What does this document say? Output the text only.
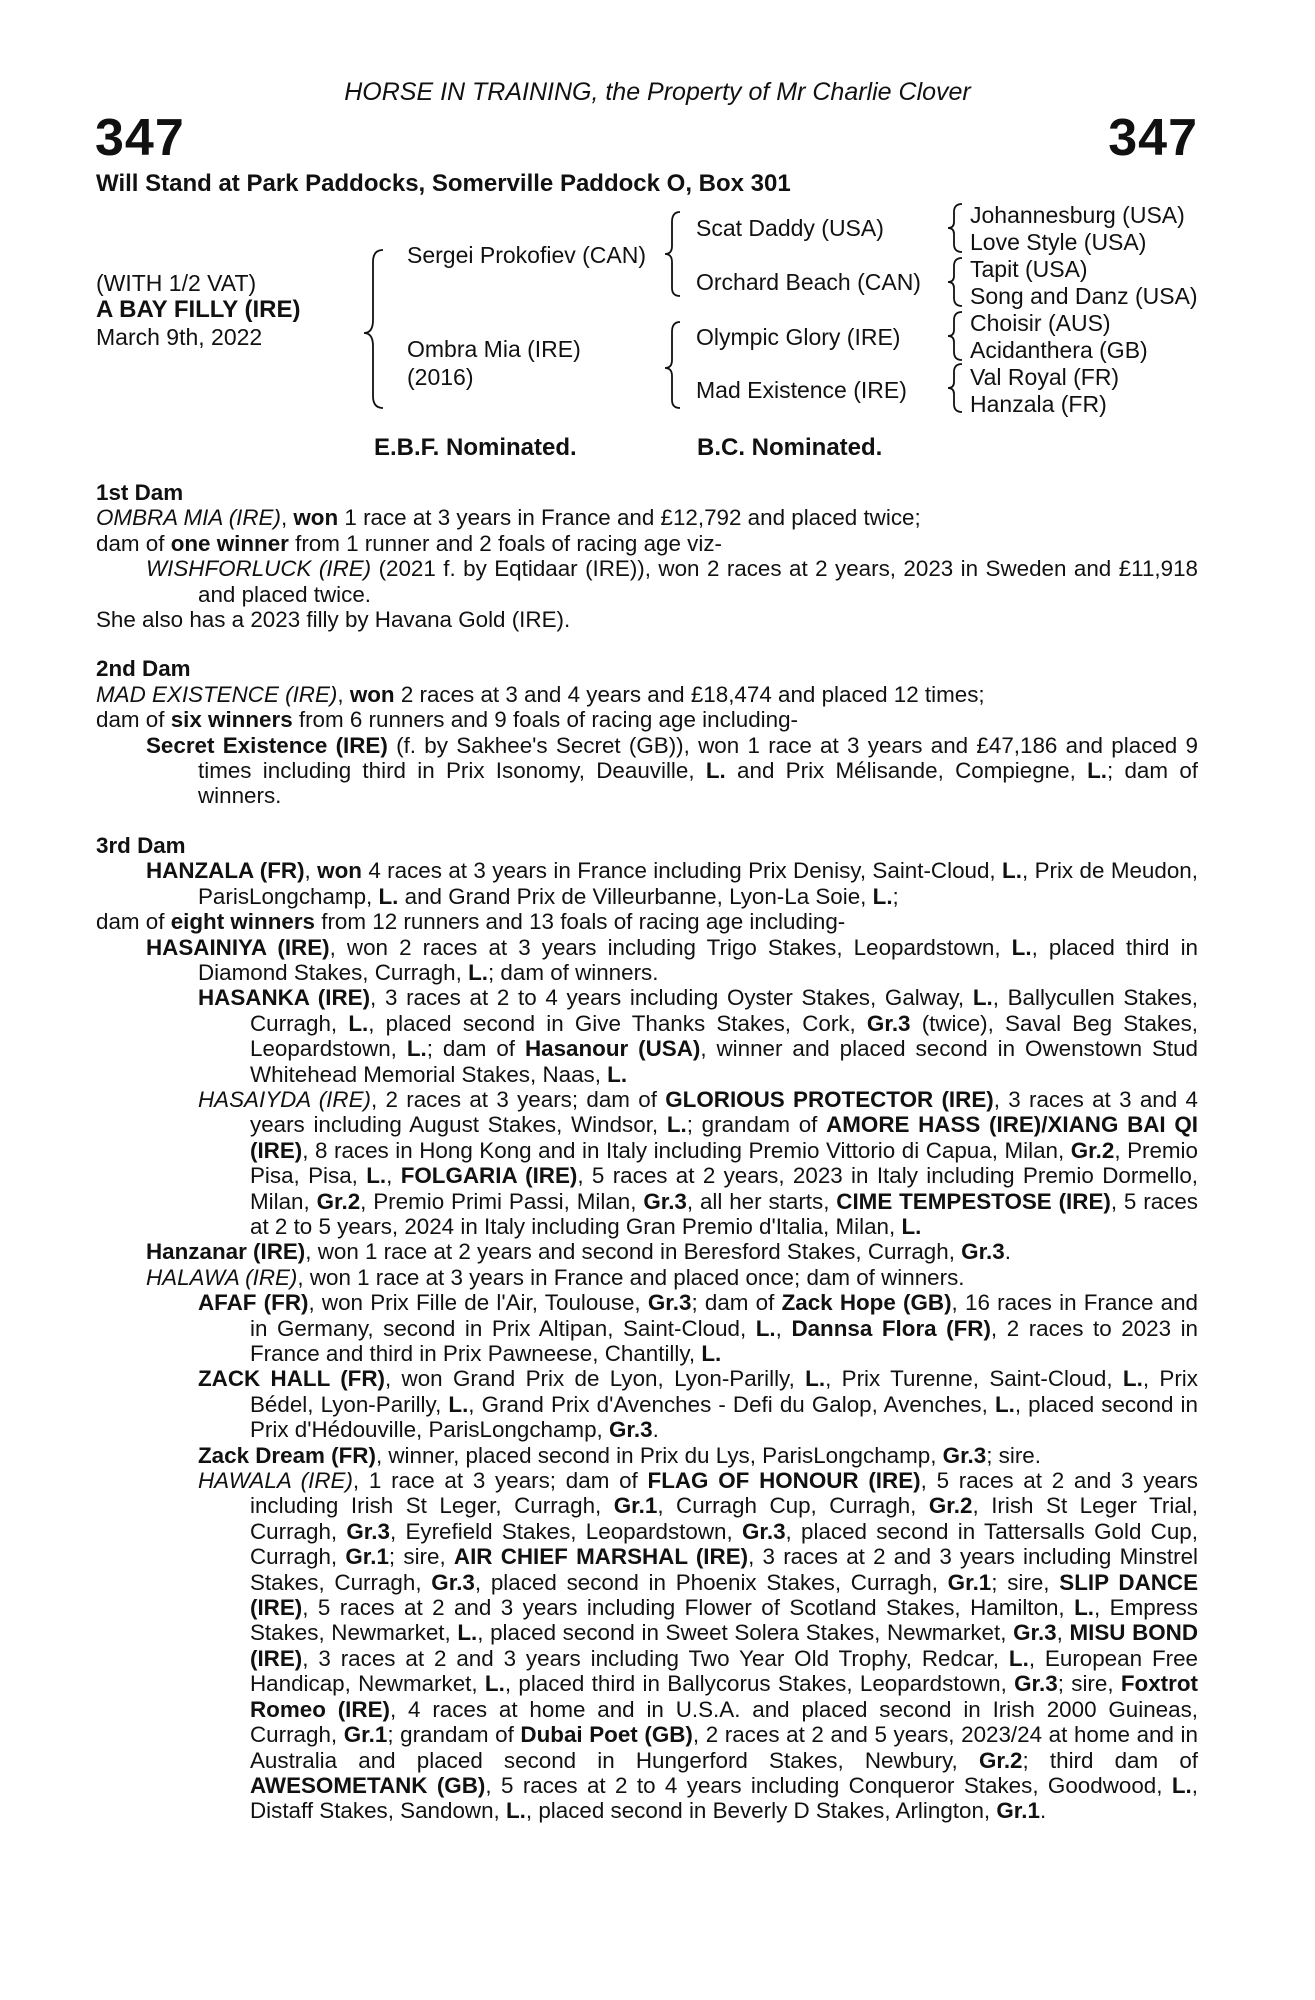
HORSE IN TRAINING, the Property of Mr Charlie Clover
347	347
Will Stand at Park Paddocks, Somerville Paddock O, Box 301
(WITH 1/2 VAT)
A BAY FILLY (IRE)
March 9th, 2022
Sergei Prokofiev (CAN)
Ombra Mia (IRE)
(2016)
Scat Daddy (USA)
Orchard Beach (CAN)
Olympic Glory (IRE)
Mad Existence (IRE)
Johannesburg (USA)
Love Style (USA)
Tapit (USA)
Song and Danz (USA)
Choisir (AUS)
Acidanthera (GB)
Val Royal (FR)
Hanzala (FR)
E.B.F. Nominated.	B.C. Nominated.

1st Dam

OMBRA MIA (IRE), won 1 race at 3 years in France and £12,792 and placed twice;

dam of one winner from 1 runner and 2 foals of racing age viz-

WISHFORLUCK (IRE) (2021 f. by Eqtidaar (IRE)), won 2 races at 2 years, 2023 in Sweden and £11,918 and placed twice.

She also has a 2023 filly by Havana Gold (IRE).

2nd Dam

MAD EXISTENCE (IRE), won 2 races at 3 and 4 years and £18,474 and placed 12 times;

dam of six winners from 6 runners and 9 foals of racing age including-

Secret Existence (IRE) (f. by Sakhee's Secret (GB)), won 1 race at 3 years and £47,186 and placed 9 times including third in Prix Isonomy, Deauville, L. and Prix Mélisande, Compiegne, L.; dam of winners.

3rd Dam

HANZALA (FR), won 4 races at 3 years in France including Prix Denisy, Saint-Cloud, L., Prix de Meudon, ParisLongchamp, L. and Grand Prix de Villeurbanne, Lyon-La Soie, L.;

dam of eight winners from 12 runners and 13 foals of racing age including-

HASAINIYA (IRE), won 2 races at 3 years including Trigo Stakes, Leopardstown, L., placed third in Diamond Stakes, Curragh, L.; dam of winners.

HASANKA (IRE), 3 races at 2 to 4 years including Oyster Stakes, Galway, L., Ballycullen Stakes, Curragh, L., placed second in Give Thanks Stakes, Cork, Gr.3 (twice), Saval Beg Stakes, Leopardstown, L.; dam of Hasanour (USA), winner and placed second in Owenstown Stud Whitehead Memorial Stakes, Naas, L.

HASAIYDA (IRE), 2 races at 3 years; dam of GLORIOUS PROTECTOR (IRE), 3 races at 3 and 4 years including August Stakes, Windsor, L.; grandam of AMORE HASS (IRE)/XIANG BAI QI (IRE), 8 races in Hong Kong and in Italy including Premio Vittorio di Capua, Milan, Gr.2, Premio Pisa, Pisa, L., FOLGARIA (IRE), 5 races at 2 years, 2023 in Italy including Premio Dormello, Milan, Gr.2, Premio Primi Passi, Milan, Gr.3, all her starts, CIME TEMPESTOSE (IRE), 5 races at 2 to 5 years, 2024 in Italy including Gran Premio d'Italia, Milan, L.

Hanzanar (IRE), won 1 race at 2 years and second in Beresford Stakes, Curragh, Gr.3.

HALAWA (IRE), won 1 race at 3 years in France and placed once; dam of winners.

AFAF (FR), won Prix Fille de l'Air, Toulouse, Gr.3; dam of Zack Hope (GB), 16 races in France and in Germany, second in Prix Altipan, Saint-Cloud, L., Dannsa Flora (FR), 2 races to 2023 in France and third in Prix Pawneese, Chantilly, L.

ZACK HALL (FR), won Grand Prix de Lyon, Lyon-Parilly, L., Prix Turenne, Saint-Cloud, L., Prix Bédel, Lyon-Parilly, L., Grand Prix d'Avenches - Defi du Galop, Avenches, L., placed second in Prix d'Hédouville, ParisLongchamp, Gr.3.

Zack Dream (FR), winner, placed second in Prix du Lys, ParisLongchamp, Gr.3; sire.

HAWALA (IRE), 1 race at 3 years; dam of FLAG OF HONOUR (IRE), 5 races at 2 and 3 years including Irish St Leger, Curragh, Gr.1, Curragh Cup, Curragh, Gr.2, Irish St Leger Trial, Curragh, Gr.3, Eyrefield Stakes, Leopardstown, Gr.3, placed second in Tattersalls Gold Cup, Curragh, Gr.1; sire, AIR CHIEF MARSHAL (IRE), 3 races at 2 and 3 years including Minstrel Stakes, Curragh, Gr.3, placed second in Phoenix Stakes, Curragh, Gr.1; sire, SLIP DANCE (IRE), 5 races at 2 and 3 years including Flower of Scotland Stakes, Hamilton, L., Empress Stakes, Newmarket, L., placed second in Sweet Solera Stakes, Newmarket, Gr.3, MISU BOND (IRE), 3 races at 2 and 3 years including Two Year Old Trophy, Redcar, L., European Free Handicap, Newmarket, L., placed third in Ballycorus Stakes, Leopardstown, Gr.3; sire, Foxtrot Romeo (IRE), 4 races at home and in U.S.A. and placed second in Irish 2000 Guineas, Curragh, Gr.1; grandam of Dubai Poet (GB), 2 races at 2 and 5 years, 2023/24 at home and in Australia and placed second in Hungerford Stakes, Newbury, Gr.2; third dam of AWESOMETANK (GB), 5 races at 2 to 4 years including Conqueror Stakes, Goodwood, L., Distaff Stakes, Sandown, L., placed second in Beverly D Stakes, Arlington, Gr.1.
